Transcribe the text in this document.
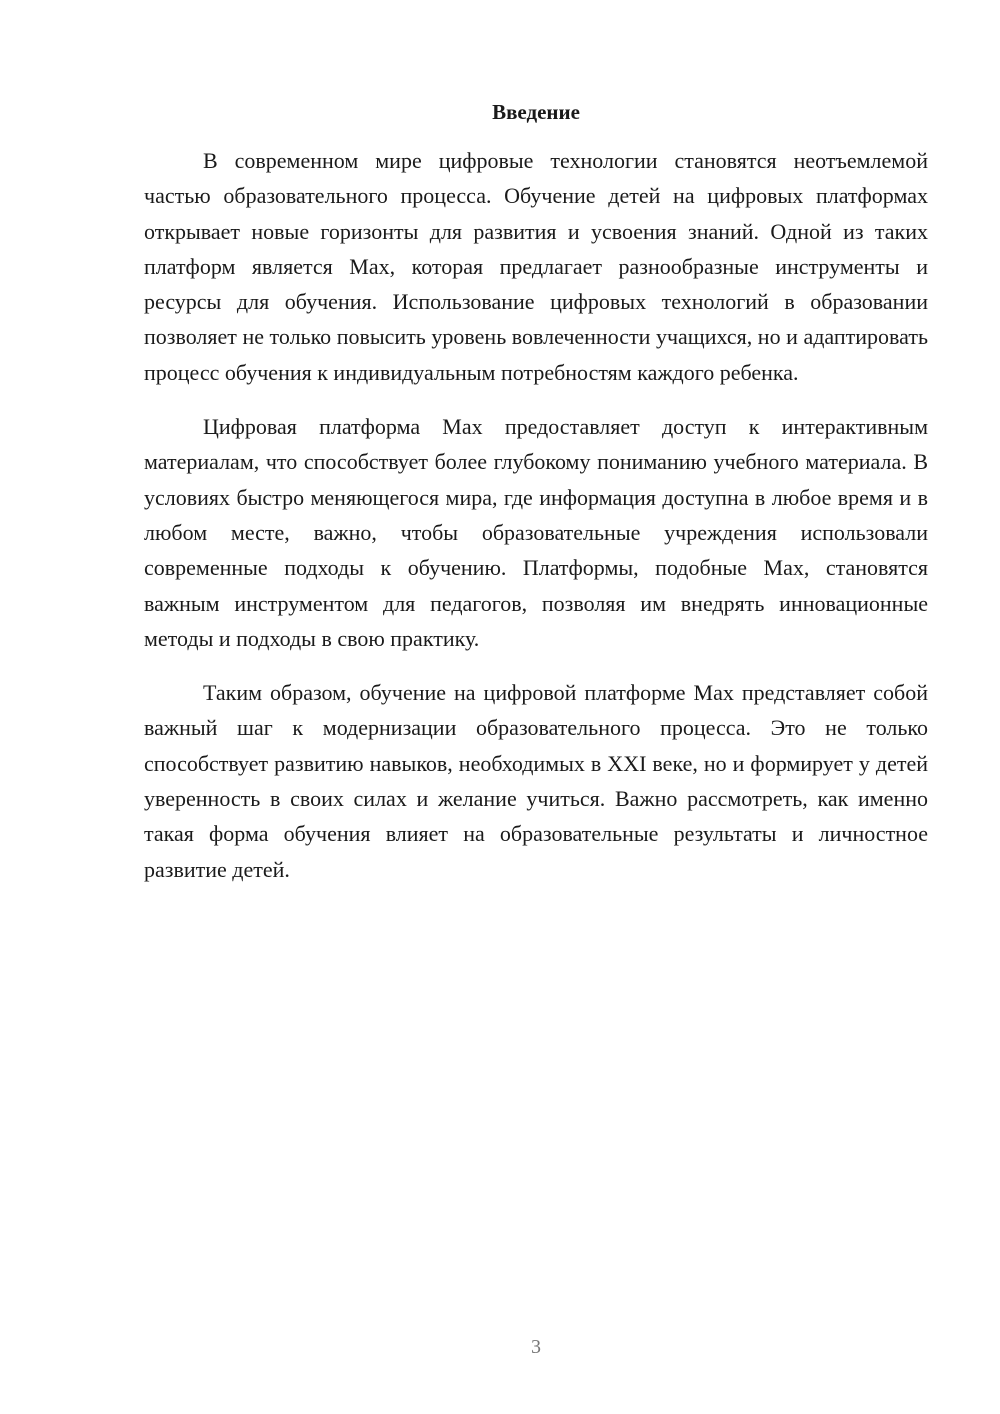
Введение

В современном мире цифровые технологии становятся неотъемлемой частью образовательного процесса. Обучение детей на цифровых платформах открывает новые горизонты для развития и усвоения знаний. Одной из таких платформ является Max, которая предлагает разнообразные инструменты и ресурсы для обучения. Использование цифровых технологий в образовании позволяет не только повысить уровень вовлеченности учащихся, но и адаптировать процесс обучения к индивидуальным потребностям каждого ребенка.

Цифровая платформа Max предоставляет доступ к интерактивным материалам, что способствует более глубокому пониманию учебного материала. В условиях быстро меняющегося мира, где информация доступна в любое время и в любом месте, важно, чтобы образовательные учреждения использовали современные подходы к обучению. Платформы, подобные Max, становятся важным инструментом для педагогов, позволяя им внедрять инновационные методы и подходы в свою практику.

Таким образом, обучение на цифровой платформе Max представляет собой важный шаг к модернизации образовательного процесса. Это не только способствует развитию навыков, необходимых в XXI веке, но и формирует у детей уверенность в своих силах и желание учиться. Важно рассмотреть, как именно такая форма обучения влияет на образовательные результаты и личностное развитие детей.

3
